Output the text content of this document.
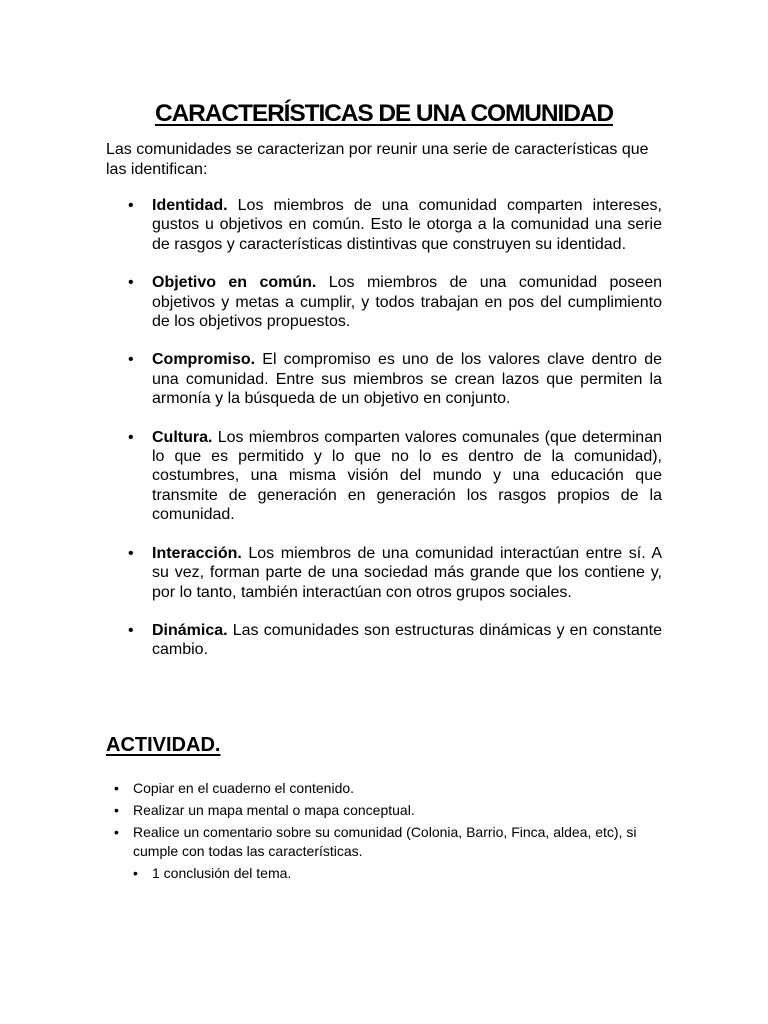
CARACTERÍSTICAS DE UNA COMUNIDAD

Las comunidades se caracterizan por reunir una serie de características que las identifican:

• Identidad. Los miembros de una comunidad comparten intereses, gustos u objetivos en común. Esto le otorga a la comunidad una serie de rasgos y características distintivas que construyen su identidad.
• Objetivo en común. Los miembros de una comunidad poseen objetivos y metas a cumplir, y todos trabajan en pos del cumplimiento de los objetivos propuestos.
• Compromiso. El compromiso es uno de los valores clave dentro de una comunidad. Entre sus miembros se crean lazos que permiten la armonía y la búsqueda de un objetivo en conjunto.
• Cultura. Los miembros comparten valores comunales (que determinan lo que es permitido y lo que no lo es dentro de la comunidad), costumbres, una misma visión del mundo y una educación que transmite de generación en generación los rasgos propios de la comunidad.
• Interacción. Los miembros de una comunidad interactúan entre sí. A su vez, forman parte de una sociedad más grande que los contiene y, por lo tanto, también interactúan con otros grupos sociales.
• Dinámica. Las comunidades son estructuras dinámicas y en constante cambio.
ACTIVIDAD.
• Copiar en el cuaderno el contenido.
• Realizar un mapa mental o mapa conceptual.
• Realice un comentario sobre su comunidad (Colonia, Barrio, Finca, aldea, etc), si cumple con todas las características.
• 1 conclusión del tema.
